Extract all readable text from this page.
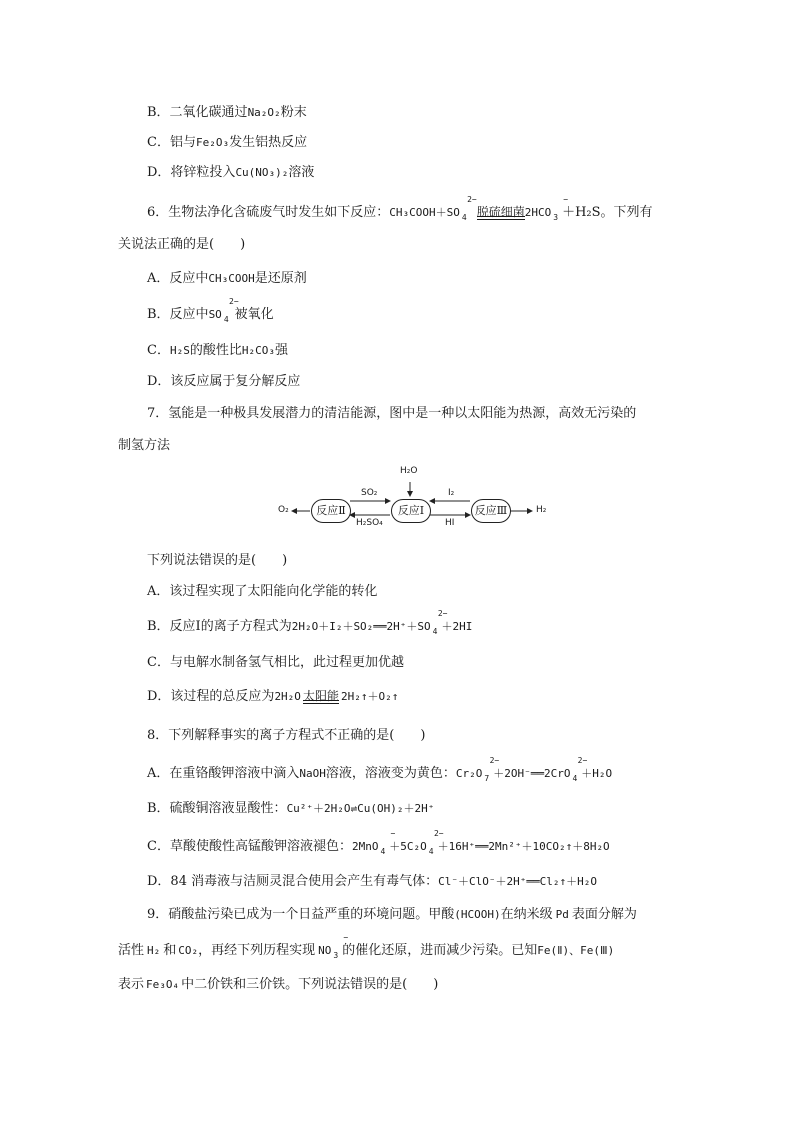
B．二氧化碳通过Na₂O₂粉末
C．铝与Fe₂O₃发生铝热反应
D．将锌粒投入Cu(NO₃)₂溶液
6．生物法净化含硫废气时发生如下反应：CH₃COOH＋SO
2−
$_4$ 脱硫细菌 2HCO
−
$_3$ ＋H₂S。下列有
关说法正确的是(　　)
A．反应中CH₃COOH是还原剂
B．反应中SO
2−
$_4$ 被氧化
C．H₂S的酸性比H₂CO₃强
D．该反应属于复分解反应
7．氢能是一种极具发展潜力的清洁能源，图中是一种以太阳能为热源，高效无污染的
制氢方法
反应Ⅱ	反应Ⅰ	反应Ⅲ
H₂O
SO₂	I₂
H₂SO₄	HI
O₂	H₂
下列说法错误的是(　　)
A．该过程实现了太阳能向化学能的转化
B．反应Ⅰ的离子方程式为2H₂O＋I₂＋SO₂══2H⁺＋SO
2−
$_4$ ＋2HI
C．与电解水制备氢气相比，此过程更加优越
D．该过程的总反应为2H₂O 太阳能 2H₂↑＋O₂↑
8．下列解释事实的离子方程式不正确的是(　　)
A．在重铬酸钾溶液中滴入NaOH溶液，溶液变为黄色：Cr₂O
2−
$_7$ ＋2OH⁻══2CrO
2−
$_4$ ＋H₂O
B．硫酸铜溶液显酸性：Cu²⁺＋2H₂O⇌Cu(OH)₂＋2H⁺
C．草酸使酸性高锰酸钾溶液褪色：2MnO
−
$_4$ ＋5C₂O
2−
$_4$ ＋16H⁺══2Mn²⁺＋10CO₂↑＋8H₂O
D．84 消毒液与洁厕灵混合使用会产生有毒气体：Cl⁻＋ClO⁻＋2H⁺══Cl₂↑＋H₂O
9．硝酸盐污染已成为一个日益严重的环境问题。甲酸(HCOOH)在纳米级 Pd 表面分解为
活性 H₂ 和 CO₂，再经下列历程实现 NO
−
$_3$ 的催化还原，进而减少污染。已知Fe(Ⅱ)、Fe(Ⅲ)
表示 Fe₃O₄ 中二价铁和三价铁。下列说法错误的是(　　)
